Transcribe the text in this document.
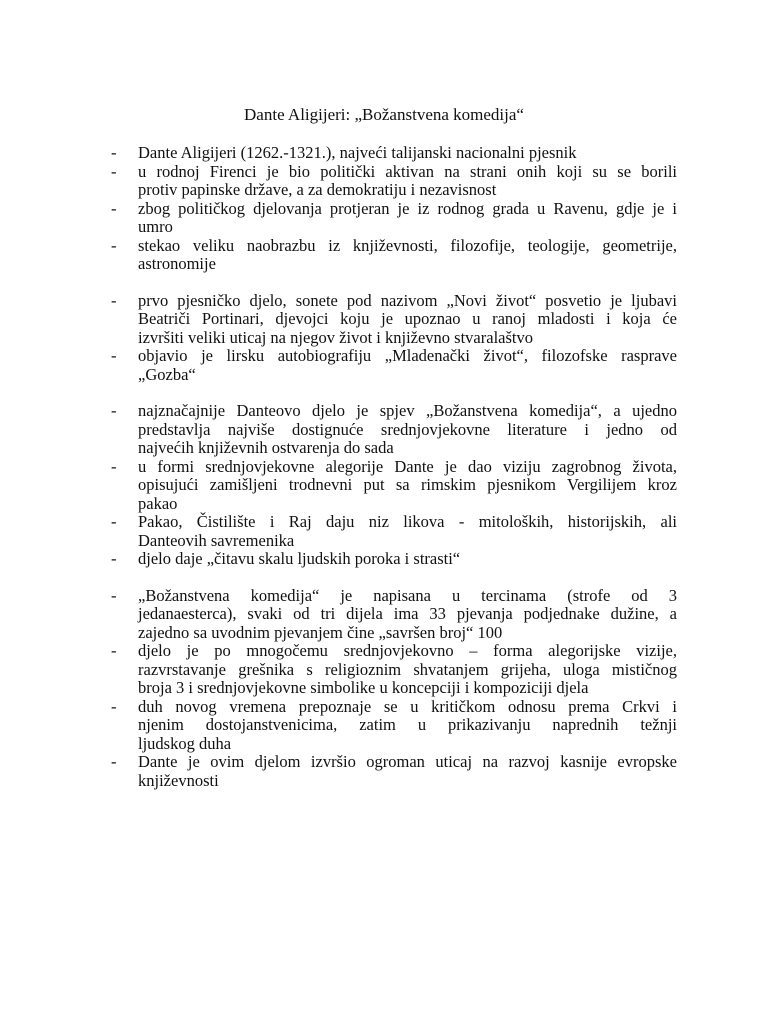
Dante Aligijeri: „Božanstvena komedija“
- Dante Aligijeri (1262.-1321.), najveći talijanski nacionalni pjesnik
- u rodnoj Firenci je bio politički aktivan na strani onih koji su se borili
protiv papinske države, a za demokratiju i nezavisnost
- zbog političkog djelovanja protjeran je iz rodnog grada u Ravenu, gdje je i
umro
- stekao veliku naobrazbu iz književnosti, filozofije, teologije, geometrije,
astronomije
- prvo pjesničko djelo, sonete pod nazivom „Novi život“ posvetio je ljubavi
Beatriči Portinari, djevojci koju je upoznao u ranoj mladosti i koja će
izvršiti veliki uticaj na njegov život i književno stvaralaštvo
- objavio je lirsku autobiografiju „Mladenački život“, filozofske rasprave
„Gozba“
- najznačajnije Danteovo djelo je spjev „Božanstvena komedija“, a ujedno
predstavlja najviše dostignuće srednjovjekovne literature i jedno od
najvećih književnih ostvarenja do sada
- u formi srednjovjekovne alegorije Dante je dao viziju zagrobnog života,
opisujući zamišljeni trodnevni put sa rimskim pjesnikom Vergilijem kroz
pakao
- Pakao, Čistilište i Raj daju niz likova - mitoloških, historijskih, ali
Danteovih savremenika
- djelo daje „čitavu skalu ljudskih poroka i strasti“
- „Božanstvena komedija“ je napisana u tercinama (strofe od 3
jedanaesterca), svaki od tri dijela ima 33 pjevanja podjednake dužine, a
zajedno sa uvodnim pjevanjem čine „savršen broj“ 100
- djelo je po mnogočemu srednjovjekovno – forma alegorijske vizije,
razvrstavanje grešnika s religioznim shvatanjem grijeha, uloga mističnog
broja 3 i srednjovjekovne simbolike u koncepciji i kompoziciji djela
- duh novog vremena prepoznaje se u kritičkom odnosu prema Crkvi i
njenim dostojanstvenicima, zatim u prikazivanju naprednih težnji
ljudskog duha
- Dante je ovim djelom izvršio ogroman uticaj na razvoj kasnije evropske
književnosti
